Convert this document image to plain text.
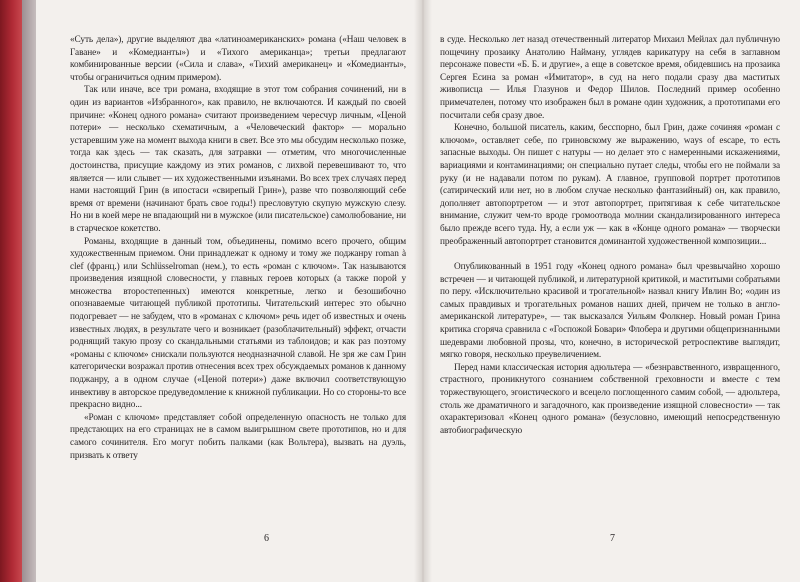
«Суть дела»), другие выделяют два «латиноамериканских» романа («Наш человек в Гаване» и «Комедианты») и «Тихого американца»; третьи предлагают комбинированные версии («Сила и слава», «Тихий американец» и «Комедианты», чтобы ограничиться одним примером).

Так или иначе, все три романа, входящие в этот том собрания сочинений, ни в один из вариантов «Избранного», как правило, не включаются. И каждый по своей причине: «Конец одного романа» считают произведением чересчур личным, «Ценой потери» — несколько схематичным, а «Человеческий фактор» — морально устаревшим уже на момент выхода книги в свет. Все это мы обсудим несколько позже, тогда как здесь — так сказать, для затравки — отметим, что многочисленные достоинства, присущие каждому из этих романов, с лихвой перевешивают то, что является — или слывет — их художественными изъянами. Во всех трех случаях перед нами настоящий Грин (в ипостаси «свирепый Грин»), разве что позволяющий себе время от времени (начинают брать свое годы!) пресловутую скупую мужскую слезу. Но ни в коей мере не впадающий ни в мужское (или писательское) самолюбование, ни в старческое кокетство.

Романы, входящие в данный том, объединены, помимо всего прочего, общим художественным приемом. Они принадлежат к одному и тому же поджанру roman à clef (франц.) или Schlüsselroman (нем.), то есть «роман с ключом». Так называются произведения изящной словесности, у главных героев которых (а также порой у множества второстепенных) имеются конкретные, легко и безошибочно опознаваемые читающей публикой прототипы. Читательский интерес это обычно подогревает — не забудем, что в «романах с ключом» речь идет об известных и очень известных людях, в результате чего и возникает (разоблачительный) эффект, отчасти роднящий такую прозу со скандальными статьями из таблоидов; и как раз поэтому «романы с ключом» снискали пользуются неодназначной славой. Не зря же сам Грин категорически возражал против отнесения всех трех обсуждаемых романов к данному поджанру, а в одном случае («Ценой потери») даже включил соответствующую инвективу в авторское предуведомление к книжной публикации. Но со стороны-то все прекрасно видно...

«Роман с ключом» представляет собой определенную опасность не только для предстающих на его страницах не в самом выигрышном свете прототипов, но и для самого сочинителя. Его могут побить палками (как Вольтера), вызвать на дуэль, призвать к ответу

в суде. Несколько лет назад отечественный литератор Михаил Мейлах дал публичную пощечину прозаику Анатолию Найману, углядев карикатуру на себя в заглавном персонаже повести «Б. Б. и другие», а еще в советское время, обидевшись на прозаика Сергея Есина за роман «Имитатор», в суд на него подали сразу два маститых живописца — Илья Глазунов и Федор Шилов. Последний пример особенно примечателен, потому что изображен был в романе один художник, а прототипами его посчитали себя сразу двое.

Конечно, большой писатель, каким, бесспорно, был Грин, даже сочиняя «роман с ключом», оставляет себе, по гриновскому же выражению, ways of escape, то есть запасные выходы. Он пишет с натуры — но делает это с намеренными искажениями, вариациями и контаминациями; он специально путает следы, чтобы его не поймали за руку (и не надавали потом по рукам). А главное, групповой портрет прототипов (сатирический или нет, но в любом случае несколько фантазийный) он, как правило, дополняет автопортретом — и этот автопортрет, притягивая к себе читательское внимание, служит чем-то вроде громоотвода молнии скандализированного интереса было прежде всего туда. Ну, а если уж — как в «Конце одного романа» — творчески преображенный автопортрет становится доминантой художественной композиции...

Опубликованный в 1951 году «Конец одного романа» был чрезвычайно хорошо встречен — и читающей публикой, и литературной критикой, и маститыми собратьями по перу. «Исключительно красивой и трогательной» назвал книгу Ивлин Во; «один из самых правдивых и трогательных романов наших дней, причем не только в англо-американской литературе», — так высказался Уильям Фолкнер. Новый роман Грина критика сгоряча сравнила с «Госпожой Бовари» Флобера и другими общепризнанными шедеврами любовной прозы, что, конечно, в исторической ретроспективе выглядит, мягко говоря, несколько преувеличением.

Перед нами классическая история адюльтера — «безнравственного, извращенного, страстного, проникнутого сознанием собственной греховности и вместе с тем торжествующего, эгоистического и всецело поглощенного самим собой, — адюльтера, столь же драматичного и загадочного, как произведение изящной словесности» — так охарактеризовал «Конец одного романа» (безусловно, имеющий непосредственную автобиографическую

6	7
